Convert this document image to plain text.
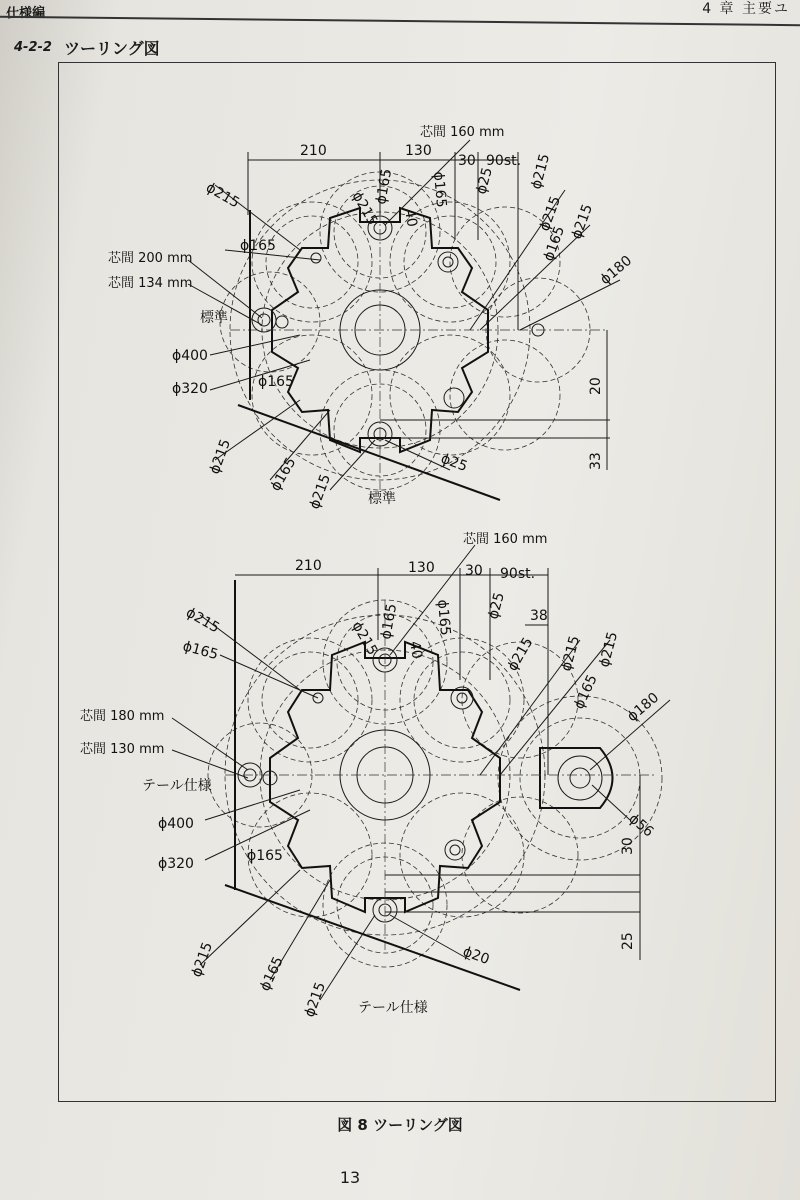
仕様編	4 章 主要ユ
4-2-2 ツーリング図
210	130
30 90st.
20
33
芯間 160 mm
芯間 200 mm
芯間 134 mm
標準
標準
ϕ400
ϕ320	ϕ165
ϕ215
ϕ165
ϕ215
ϕ165
40
ϕ165 ϕ25 ϕ215
ϕ215
ϕ165
ϕ215
ϕ180
ϕ215 ϕ165 ϕ215
ϕ25
210	130 30 90st.
38
30
25
芯間 160 mm
芯間 180 mm
芯間 130 mm
テール仕様
テール仕様
ϕ400
ϕ320	ϕ165
ϕ215
ϕ165	ϕ215
ϕ165
40
ϕ165 ϕ25
ϕ215 ϕ215 ϕ215
ϕ165 ϕ180
ϕ56
ϕ215	ϕ165
ϕ215
ϕ20
図 8 ツーリング図
13
